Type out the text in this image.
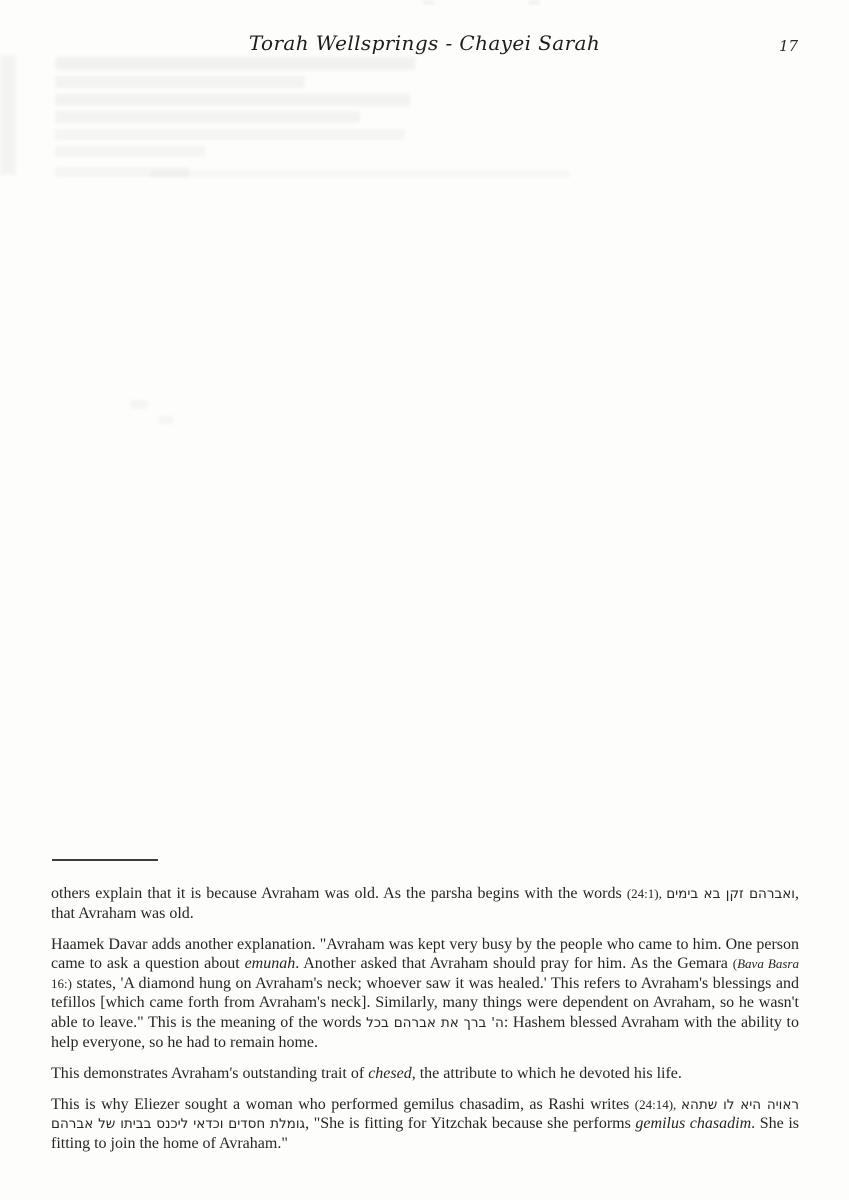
Torah Wellsprings - Chayei Sarah	17

others explain that it is because Avraham was old. As the parsha begins with the words (24:1), ואברהם זקן בא בימים, that Avraham was old.

Haamek Davar adds another explanation. "Avraham was kept very busy by the people who came to him. One person came to ask a question about emunah. Another asked that Avraham should pray for him. As the Gemara (Bava Basra 16:) states, 'A diamond hung on Avraham's neck; whoever saw it was healed.' This refers to Avraham's blessings and tefillos [which came forth from Avraham's neck]. Similarly, many things were dependent on Avraham, so he wasn't able to leave." This is the meaning of the words ה' ברך את אברהם בכל: Hashem blessed Avraham with the ability to help everyone, so he had to remain home.

This demonstrates Avraham's outstanding trait of chesed, the attribute to which he devoted his life.

This is why Eliezer sought a woman who performed gemilus chasadim, as Rashi writes (24:14), ראויה היא לו שתהא גומלת חסדים וכדאי ליכנס בביתו של אברהם, "She is fitting for Yitzchak because she performs gemilus chasadim. She is fitting to join the home of Avraham."
